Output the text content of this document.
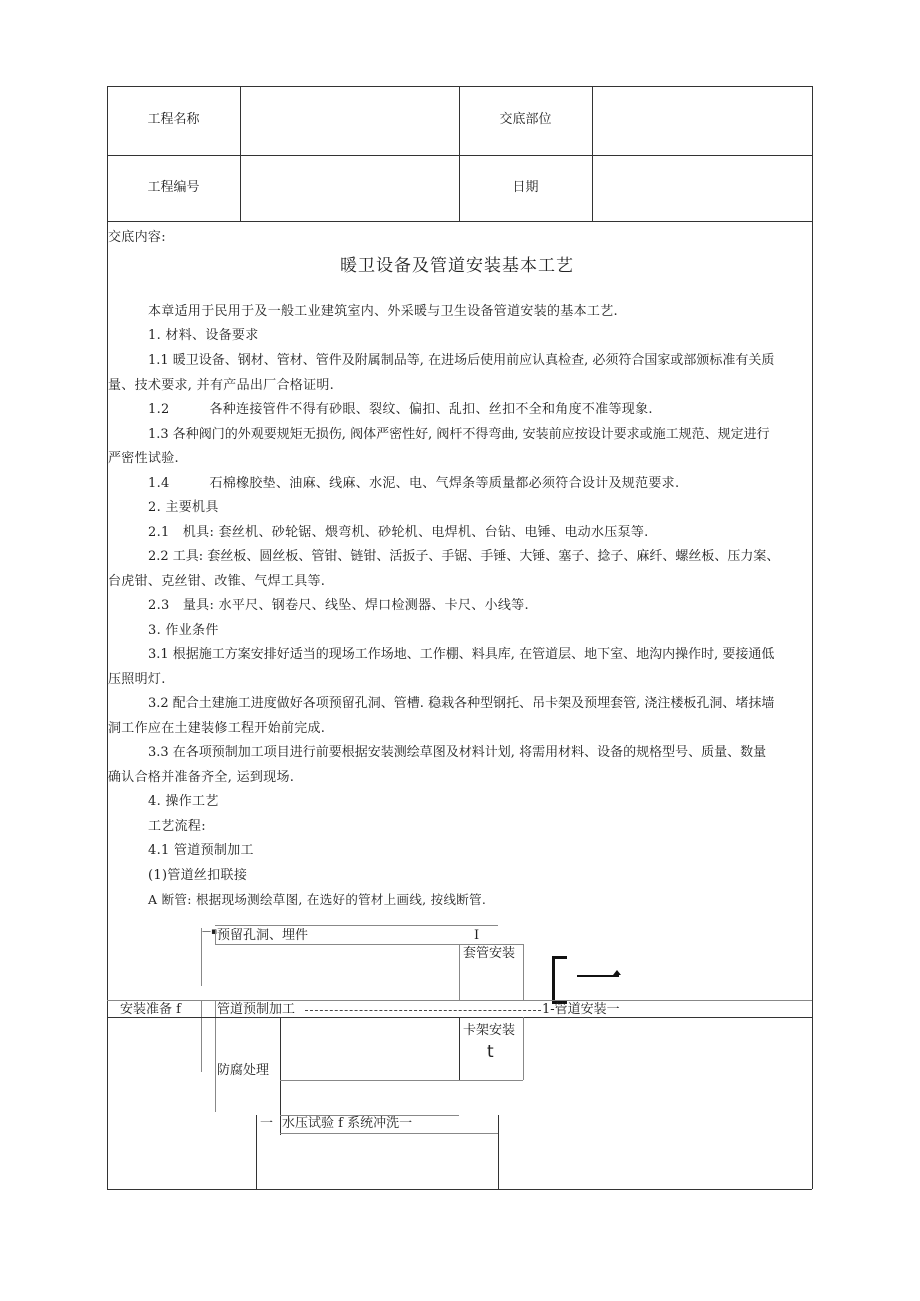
工程名称	交底部位
工程编号	日期
交底内容:
暖卫设备及管道安装基本工艺
本章适用于民用于及一般工业建筑室内、外采暖与卫生设备管道安装的基本工艺.
1. 材料、设备要求
1.1 暖卫设备、钢材、管材、管件及附属制品等, 在进场后使用前应认真检查, 必须符合国家或部颁标准有关质
量、技术要求, 并有产品出厂合格证明.
1.2　　　各种连接管件不得有砂眼、裂纹、偏扣、乱扣、丝扣不全和角度不准等现象.
1.3 各种阀门的外观要规矩无损伤, 阀体严密性好, 阀杆不得弯曲, 安装前应按设计要求或施工规范、规定进行
严密性试验.
1.4　　　石棉橡胶垫、油麻、线麻、水泥、电、气焊条等质量都必须符合设计及规范要求.
2. 主要机具
2.1　机具: 套丝机、砂轮锯、煨弯机、砂轮机、电焊机、台钻、电锤、电动水压泵等.
2.2 工具: 套丝板、圆丝板、管钳、链钳、活扳子、手锯、手锤、大锤、塞子、捻子、麻纤、螺丝板、压力案、
台虎钳、克丝钳、改锥、气焊工具等.
2.3　量具: 水平尺、钢卷尺、线坠、焊口检测器、卡尺、小线等.
3. 作业条件
3.1 根据施工方案安排好适当的现场工作场地、工作棚、料具库, 在管道层、地下室、地沟内操作时, 要接通低
压照明灯.
3.2 配合土建施工进度做好各项预留孔洞、管槽. 稳栽各种型钢托、吊卡架及预埋套管, 浇注楼板孔洞、堵抹墙
洞工作应在土建装修工程开始前完成.
3.3 在各项预制加工项目进行前要根据安装测绘草图及材料计划, 将需用材料、设备的规格型号、质量、数量
确认合格并准备齐全, 运到现场.
4. 操作工艺
工艺流程:
4.1 管道预制加工
(1)管道丝扣联接
A 断管: 根据现场测绘草图, 在选好的管材上画线, 按线断管.
—▪ 预留孔洞、埋件	I
套管安装
安装准备 f	管道预制加工	1-管道安装一
卡架安装
t
防腐处理
一 水压试验 f 系统冲洗一
